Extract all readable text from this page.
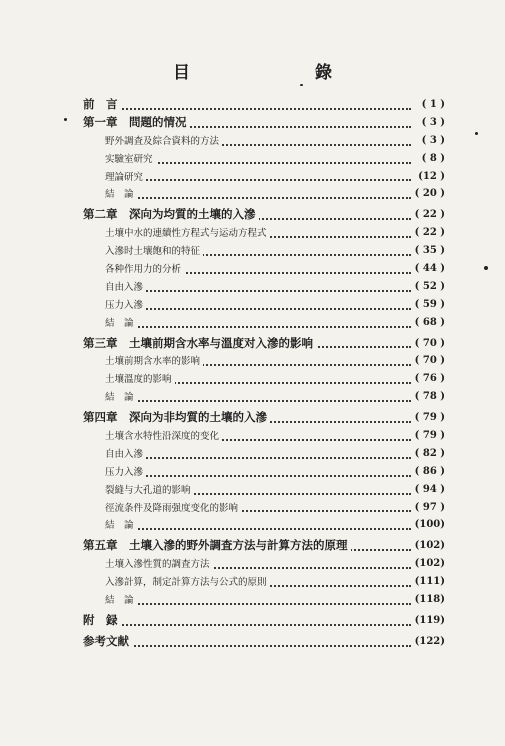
目　錄
前　言	( 1 )
第一章　問題的情况	( 3 )
野外調査及綜合資料的方法	( 3 )
实驗室研究	( 8 )
理論研究	(12 )
結　論	( 20 )
第二章　深向为均質的土壤的入滲	( 22 )
土壤中水的連續性方程式与运动方程式	( 22 )
入滲时土壤飽和的特征	( 35 )
各种作用力的分析	( 44 )
自由入滲	( 52 )
压力入滲	( 59 )
結　論	( 68 )
第三章　土壤前期含水率与溫度对入滲的影响	( 70 )
土壤前期含水率的影响	( 70 )
土壤溫度的影响	( 76 )
結　論	( 78 )
第四章　深向为非均質的土壤的入滲	( 79 )
土壤含水特性沿深度的变化	( 79 )
自由入滲	( 82 )
压力入滲	( 86 )
裂縫与大孔道的影响	( 94 )
徑流条件及降雨强度变化的影响	( 97 )
結　論	(100)
第五章　土壤入滲的野外調査方法与計算方法的原理	(102)
土壤入滲性質的調査方法	(102)
入滲計算，制定計算方法与公式的原則	(111)
結　論	(118)
附　録	(119)
参考文献	(122)
